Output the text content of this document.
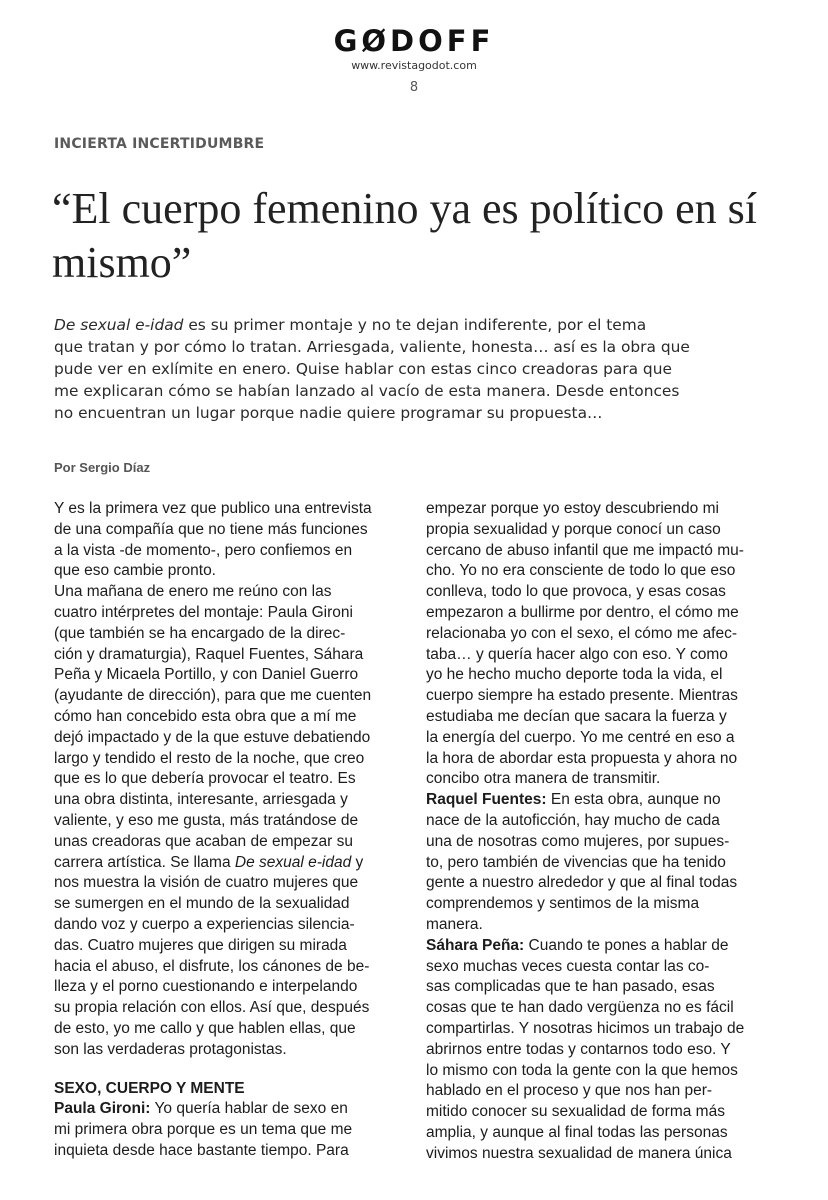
GØDOFF
www.revistagodot.com
8
INCIERTA INCERTIDUMBRE
“El cuerpo femenino ya es político en sí mismo”
De sexual e-idad es su primer montaje y no te dejan indiferente, por el tema
que tratan y por cómo lo tratan. Arriesgada, valiente, honesta… así es la obra que
pude ver en exlímite en enero. Quise hablar con estas cinco creadoras para que
me explicaran cómo se habían lanzado al vacío de esta manera. Desde entonces
no encuentran un lugar porque nadie quiere programar su propuesta…
Por Sergio Díaz
Y es la primera vez que publico una entrevista
de una compañía que no tiene más funciones
a la vista -de momento-, pero confiemos en
que eso cambie pronto.
Una mañana de enero me reúno con las
cuatro intérpretes del montaje: Paula Gironi
(que también se ha encargado de la direc-
ción y dramaturgia), Raquel Fuentes, Sáhara
Peña y Micaela Portillo, y con Daniel Guerro
(ayudante de dirección), para que me cuenten
cómo han concebido esta obra que a mí me
dejó impactado y de la que estuve debatiendo
largo y tendido el resto de la noche, que creo
que es lo que debería provocar el teatro. Es
una obra distinta, interesante, arriesgada y
valiente, y eso me gusta, más tratándose de
unas creadoras que acaban de empezar su
carrera artística. Se llama De sexual e-idad y
nos muestra la visión de cuatro mujeres que
se sumergen en el mundo de la sexualidad
dando voz y cuerpo a experiencias silencia-
das. Cuatro mujeres que dirigen su mirada
hacia el abuso, el disfrute, los cánones de be-
lleza y el porno cuestionando e interpelando
su propia relación con ellos. Así que, después
de esto, yo me callo y que hablen ellas, que
son las verdaderas protagonistas.
SEXO, CUERPO Y MENTE
Paula Gironi: Yo quería hablar de sexo en
mi primera obra porque es un tema que me
inquieta desde hace bastante tiempo. Para
empezar porque yo estoy descubriendo mi
propia sexualidad y porque conocí un caso
cercano de abuso infantil que me impactó mu-
cho. Yo no era consciente de todo lo que eso
conlleva, todo lo que provoca, y esas cosas
empezaron a bullirme por dentro, el cómo me
relacionaba yo con el sexo, el cómo me afec-
taba… y quería hacer algo con eso. Y como
yo he hecho mucho deporte toda la vida, el
cuerpo siempre ha estado presente. Mientras
estudiaba me decían que sacara la fuerza y
la energía del cuerpo. Yo me centré en eso a
la hora de abordar esta propuesta y ahora no
concibo otra manera de transmitir.
Raquel Fuentes: En esta obra, aunque no
nace de la autoficción, hay mucho de cada
una de nosotras como mujeres, por supues-
to, pero también de vivencias que ha tenido
gente a nuestro alrededor y que al final todas
comprendemos y sentimos de la misma
manera.
Sáhara Peña: Cuando te pones a hablar de
sexo muchas veces cuesta contar las co-
sas complicadas que te han pasado, esas
cosas que te han dado vergüenza no es fácil
compartirlas. Y nosotras hicimos un trabajo de
abrirnos entre todas y contarnos todo eso. Y
lo mismo con toda la gente con la que hemos
hablado en el proceso y que nos han per-
mitido conocer su sexualidad de forma más
amplia, y aunque al final todas las personas
vivimos nuestra sexualidad de manera única
